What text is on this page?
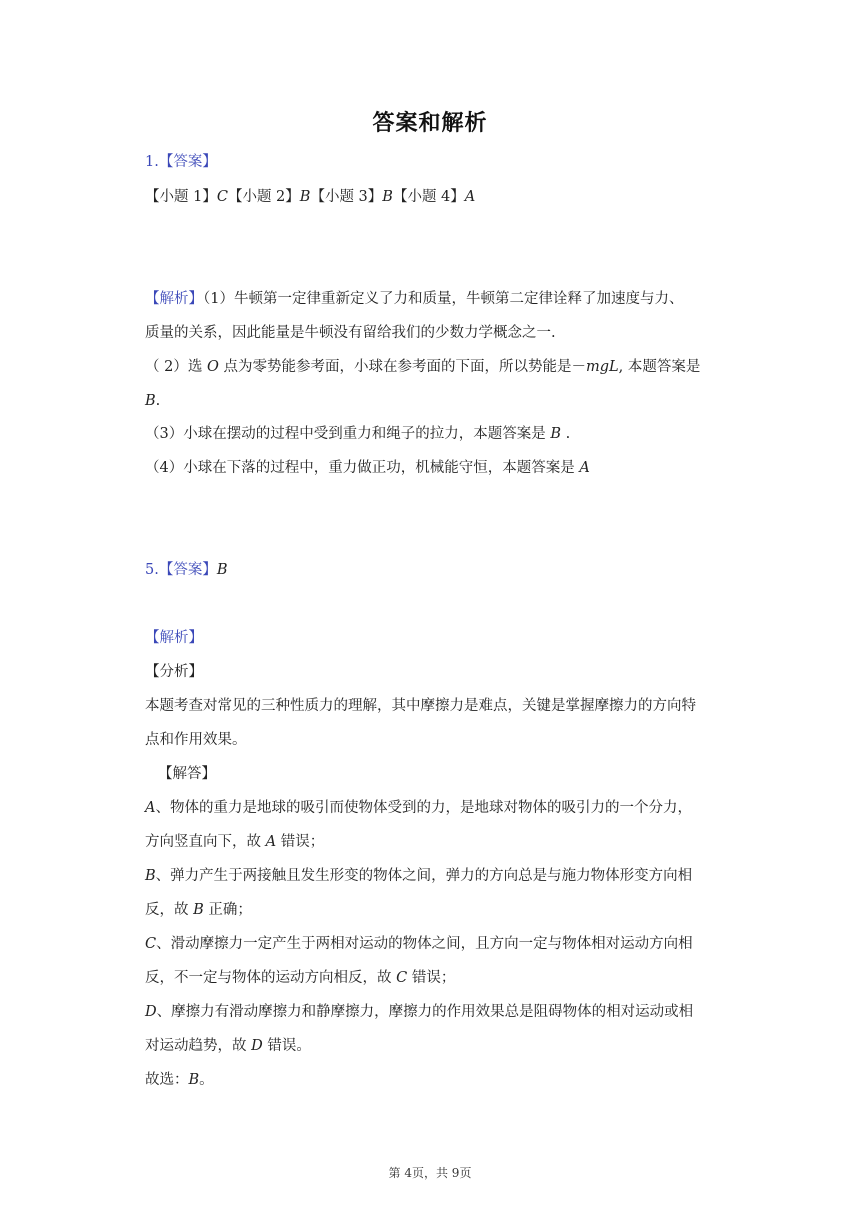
答案和解析
1.【答案】
【小题 1】C【小题 2】B【小题 3】B【小题 4】A
【解析】（1）牛顿第一定律重新定义了力和质量，牛顿第二定律诠释了加速度与力、
质量的关系，因此能量是牛顿没有留给我们的少数力学概念之一.
（ 2）选 O 点为零势能参考面，小球在参考面的下面，所以势能是－mgL, 本题答案是
B.
（3）小球在摆动的过程中受到重力和绳子的拉力，本题答案是 B .
（4）小球在下落的过程中，重力做正功，机械能守恒，本题答案是 A
5.【答案】B
【解析】
【分析】
本题考查对常见的三种性质力的理解，其中摩擦力是难点，关键是掌握摩擦力的方向特
点和作用效果。
【解答】
A、物体的重力是地球的吸引而使物体受到的力，是地球对物体的吸引力的一个分力，
方向竖直向下，故 A 错误；
B、弹力产生于两接触且发生形变的物体之间，弹力的方向总是与施力物体形变方向相
反，故 B 正确；
C、滑动摩擦力一定产生于两相对运动的物体之间，且方向一定与物体相对运动方向相
反，不一定与物体的运动方向相反，故 C 错误；
D、摩擦力有滑动摩擦力和静摩擦力，摩擦力的作用效果总是阻碍物体的相对运动或相
对运动趋势，故 D 错误。
故选：B。
第 4页，共 9页
